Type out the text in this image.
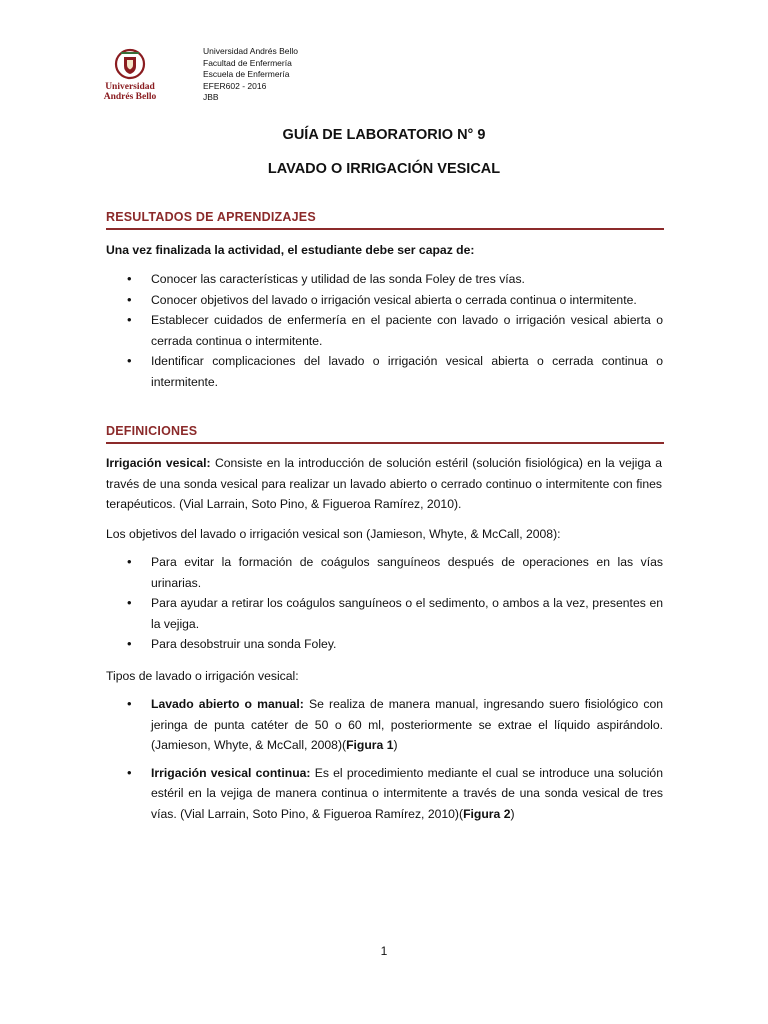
Universidad
Andrés Bello
Universidad Andrés Bello
Facultad de Enfermería
Escuela de Enfermería
EFER602 - 2016
JBB
GUÍA DE LABORATORIO N° 9
LAVADO O IRRIGACIÓN VESICAL
RESULTADOS DE APRENDIZAJES
Una vez finalizada la actividad, el estudiante debe ser capaz de:
• Conocer las características y utilidad de las sonda Foley de tres vías.
• Conocer objetivos del lavado o irrigación vesical abierta o cerrada continua o intermitente.
• Establecer cuidados de enfermería en el paciente con lavado o irrigación vesical abierta o cerrada continua o intermitente.
• Identificar complicaciones del lavado o irrigación vesical abierta o cerrada continua o intermitente.
DEFINICIONES
Irrigación vesical: Consiste en la introducción de solución estéril (solución fisiológica) en la vejiga a través de una sonda vesical para realizar un lavado abierto o cerrado continuo o intermitente con fines terapéuticos. (Vial Larrain, Soto Pino, & Figueroa Ramírez, 2010).
Los objetivos del lavado o irrigación vesical son (Jamieson, Whyte, & McCall, 2008):
• Para evitar la formación de coágulos sanguíneos después de operaciones en las vías urinarias.
• Para ayudar a retirar los coágulos sanguíneos o el sedimento, o ambos a la vez, presentes en la vejiga.
• Para desobstruir una sonda Foley.
Tipos de lavado o irrigación vesical:
• Lavado abierto o manual: Se realiza de manera manual, ingresando suero fisiológico con jeringa de punta catéter de 50 o 60 ml, posteriormente se extrae el líquido aspirándolo. (Jamieson, Whyte, & McCall, 2008)(Figura 1)
• Irrigación vesical continua: Es el procedimiento mediante el cual se introduce una solución estéril en la vejiga de manera continua o intermitente a través de una sonda vesical de tres vías. (Vial Larrain, Soto Pino, & Figueroa Ramírez, 2010)(Figura 2)
1
